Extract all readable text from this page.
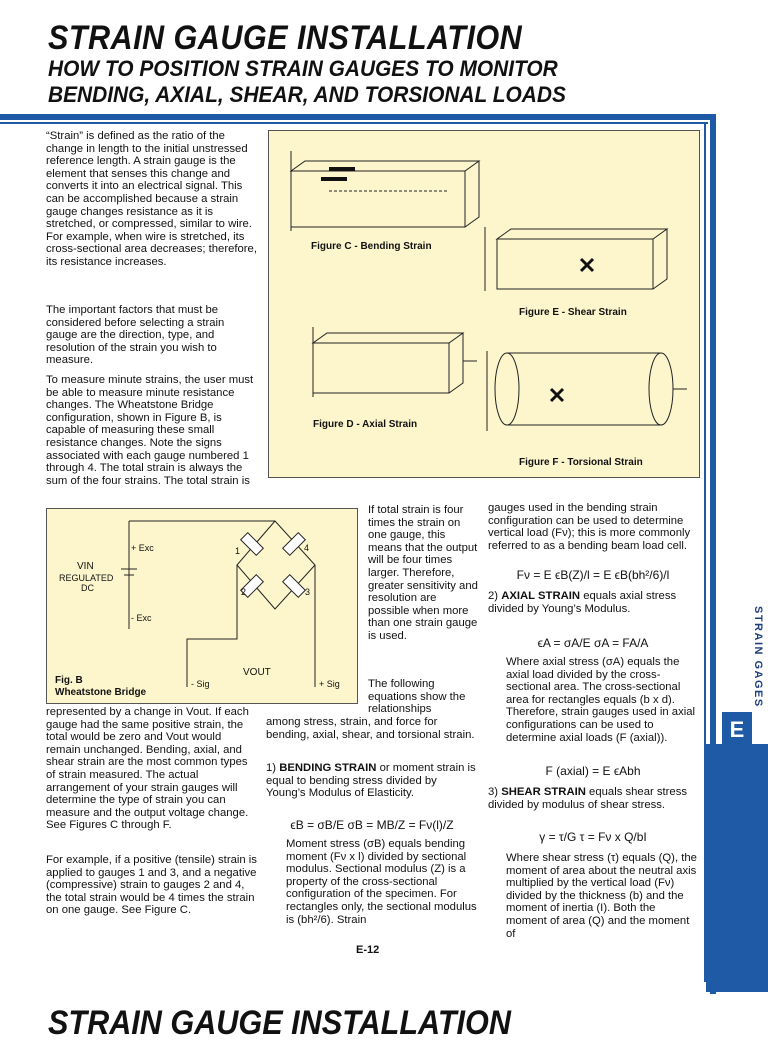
STRAIN GAUGE INSTALLATION
HOW TO POSITION STRAIN GAUGES TO MONITOR
BENDING, AXIAL, SHEAR, AND TORSIONAL LOADS
STRAIN GAGES
E
“Strain” is defined as the ratio of the change in length to the initial unstressed reference length. A strain gauge is the element that senses this change and converts it into an electrical signal. This can be accomplished because a strain gauge changes resistance as it is stretched, or compressed, similar to wire. For example, when wire is stretched, its cross-sectional area decreases; therefore, its resistance increases.
The important factors that must be considered before selecting a strain gauge are the direction, type, and resolution of the strain you wish to measure.
To measure minute strains, the user must be able to measure minute resistance changes. The Wheatstone Bridge configuration, shown in Figure B, is capable of measuring these small resistance changes. Note the signs associated with each gauge numbered 1 through 4. The total strain is always the sum of the four strains. The total strain is
1	4
2	3
+ Exc
- Exc
VIN
REGULATED
DC
VOUT
- Sig	+ Sig
Fig. B
Wheatstone Bridge
represented by a change in Vout. If each gauge had the same positive strain, the total would be zero and Vout would remain unchanged. Bending, axial, and shear strain are the most common types of strain measured. The actual arrangement of your strain gauges will determine the type of strain you can measure and the output voltage change. See Figures C through F.
For example, if a positive (tensile) strain is applied to gauges 1 and 3, and a negative (compressive) strain to gauges 2 and 4, the total strain would be 4 times the strain on one gauge. See Figure C.
Figure C - Bending Strain
Figure D - Axial Strain
Figure E - Shear Strain
Figure F - Torsional Strain
If total strain is four times the strain on one gauge, this means that the output will be four times larger. Therefore, greater sensitivity and resolution are possible when more than one strain gauge is used.
The following equations show the relationships
among stress, strain, and force for bending, axial, shear, and torsional strain.
1) BENDING STRAIN or moment strain is equal to bending stress divided by Young’s Modulus of Elasticity.
ϵB = σB/E σB = MB/Z = Fν(l)/Z
Moment stress (σB) equals bending moment (Fν x l) divided by sectional modulus. Sectional modulus (Z) is a property of the cross-sectional configuration of the specimen. For rectangles only, the sectional modulus is (bh²/6). Strain
gauges used in the bending strain configuration can be used to determine vertical load (Fν); this is more commonly referred to as a bending beam load cell.
Fν = E ϵB(Z)/l = E ϵB(bh²/6)/l
2) AXIAL STRAIN equals axial stress divided by Young’s Modulus.
ϵA = σA/E σA = FA/A
Where axial stress (σA) equals the axial load divided by the cross-sectional area. The cross-sectional area for rectangles equals (b x d). Therefore, strain gauges used in axial configurations can be used to determine axial loads (F (axial)).
F (axial) = E ϵAbh
3) SHEAR STRAIN equals shear stress divided by modulus of shear stress.
γ = τ/G τ = Fν x Q/bI
Where shear stress (τ) equals (Q), the moment of area about the neutral axis multiplied by the vertical load (Fν) divided by the thickness (b) and the moment of inertia (I). Both the moment of area (Q) and the moment of
E-12
STRAIN GAUGE INSTALLATION
